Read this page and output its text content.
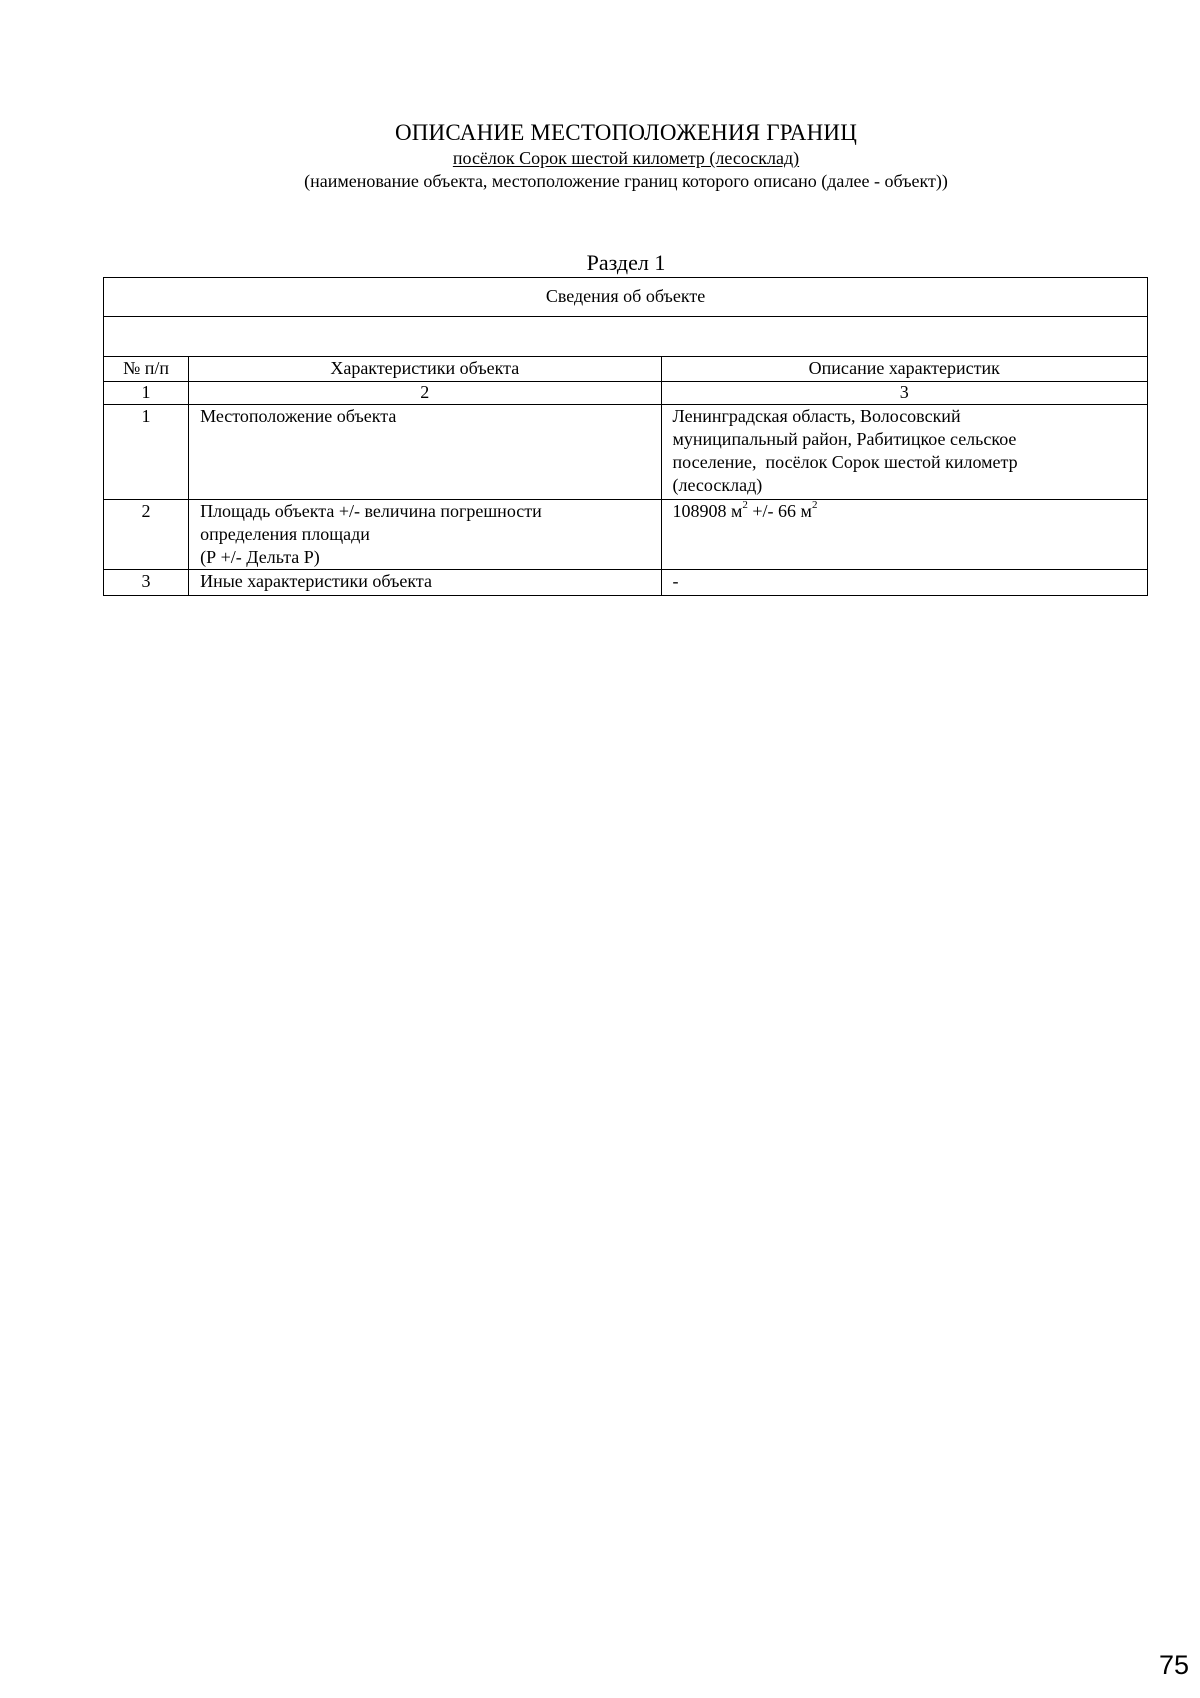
ОПИСАНИЕ МЕСТОПОЛОЖЕНИЯ ГРАНИЦ
посёлок Сорок шестой километр (лесосклад)
(наименование объекта, местоположение границ которого описано (далее - объект))
Раздел 1
Сведения об объекте		

№ п/п	Характеристики объекта	Описание характеристик
1	2	3
1	Местоположение объекта	Ленинградская область, Волосовский
муниципальный район, Рабитицкое сельское
поселение,  посёлок Сорок шестой километр
(лесосклад)

2	Площадь объекта +/- величина погрешности
определения площади
(Р +/- Дельта Р)	108908 $м^2$ +/- 66 $м^2$
3	Иные характеристики объекта	-
75
